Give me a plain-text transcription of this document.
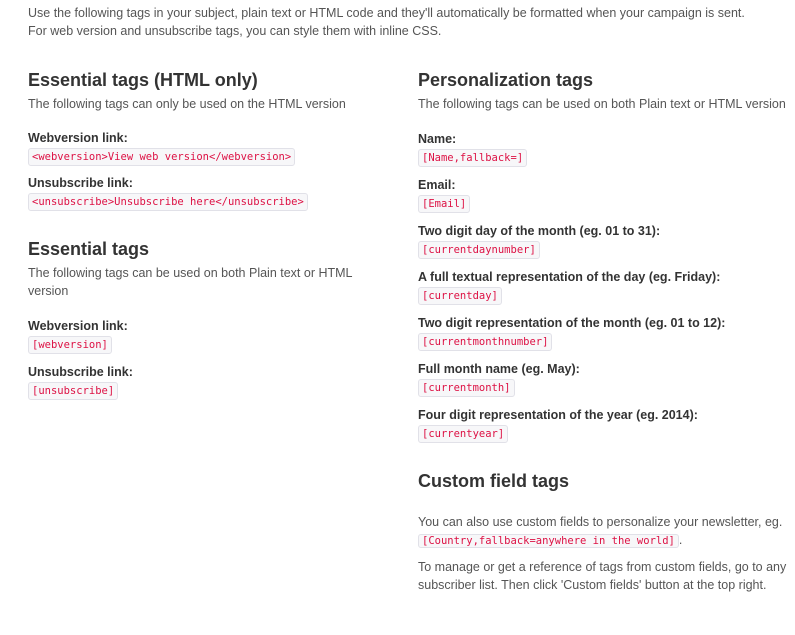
Use the following tags in your subject, plain text or HTML code and they'll automatically be formatted when your campaign is sent.

For web version and unsubscribe tags, you can style them with inline CSS.

Essential tags (HTML only)

The following tags can only be used on the HTML version

Webversion link:

<webversion>View web version</webversion>

Unsubscribe link:

<unsubscribe>Unsubscribe here</unsubscribe>
Essential tags

The following tags can be used on both Plain text or HTML version

Webversion link:

[webversion]

Unsubscribe link:

[unsubscribe]
Personalization tags

The following tags can be used on both Plain text or HTML version

Name:

[Name,fallback=]

Email:

[Email]

Two digit day of the month (eg. 01 to 31):

[currentdaynumber]

A full textual representation of the day (eg. Friday):

[currentday]

Two digit representation of the month (eg. 01 to 12):

[currentmonthnumber]

Full month name (eg. May):

[currentmonth]

Four digit representation of the year (eg. 2014):

[currentyear]
Custom field tags

You can also use custom fields to personalize your newsletter, eg. [Country,fallback=anywhere in the world] .

To manage or get a reference of tags from custom fields, go to any subscriber list. Then click 'Custom fields' button at the top right.
